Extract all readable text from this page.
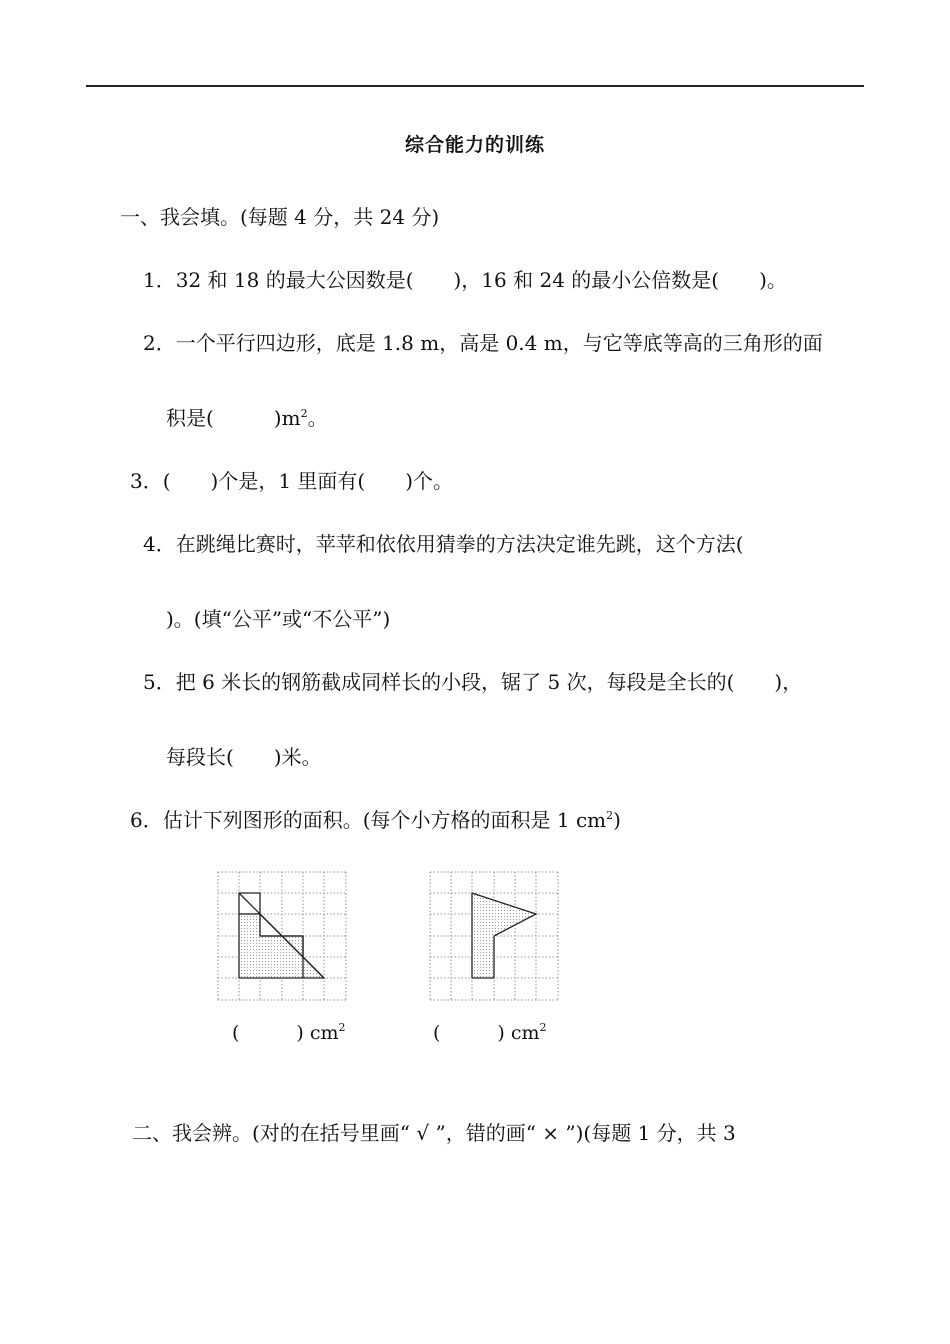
综合能力的训练
一、我会填。(每题 4 分，共 24 分)
1．32 和 18 的最大公因数是(　　)，16 和 24 的最小公倍数是(　　)。
2．一个平行四边形，底是 1.8 m，高是 0.4 m，与它等底等高的三角形的面
积是(　　　)$m^2$。
3．(　　)个是，1 里面有(　　)个。
4．在跳绳比赛时，苹苹和依依用猜拳的方法决定谁先跳，这个方法(
)。(填“公平”或“不公平”)
5．把 6 米长的钢筋截成同样长的小段，锯了 5 次，每段是全长的(　　)，
每段长(　　)米。
6．估计下列图形的面积。(每个小方格的面积是 1 $cm^2$)
(　　　) $cm^2$	(　　　) $cm^2$
二、我会辨。(对的在括号里画“ √ ”，错的画“ × ”)(每题 1 分，共 3
